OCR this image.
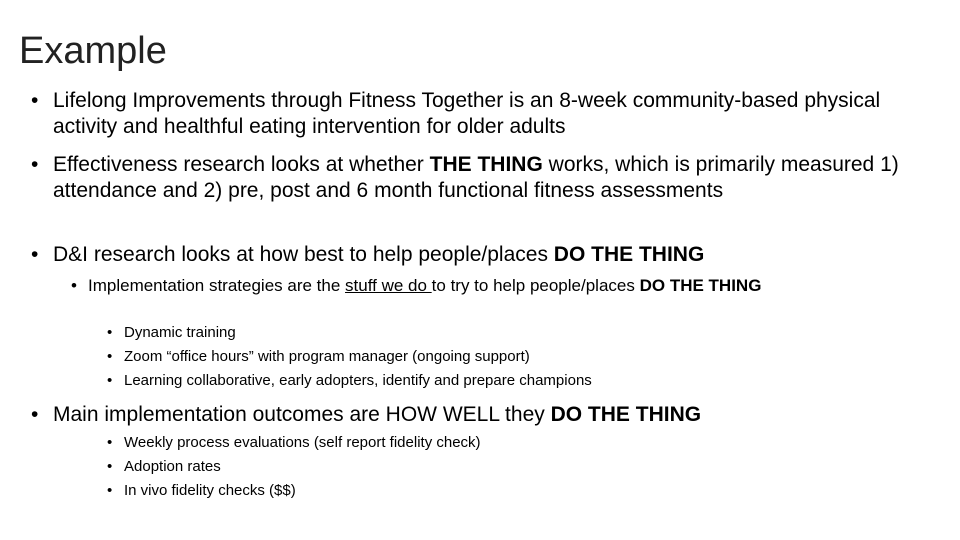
Example

• Lifelong Improvements through Fitness Together is an 8-week community-based physical activity and healthful eating intervention for older adults

• Effectiveness research looks at whether THE THING works, which is primarily measured 1) attendance and 2) pre, post and 6 month functional fitness assessments

• D&I research looks at how best to help people/places DO THE THING

• Implementation strategies are the stuff we do to try to help people/places DO THE THING

• Dynamic training

• Zoom “office hours” with program manager (ongoing support)

• Learning collaborative, early adopters, identify and prepare champions

• Main implementation outcomes are HOW WELL they DO THE THING

• Weekly process evaluations (self report fidelity check)

• Adoption rates

• In vivo fidelity checks ($$)
